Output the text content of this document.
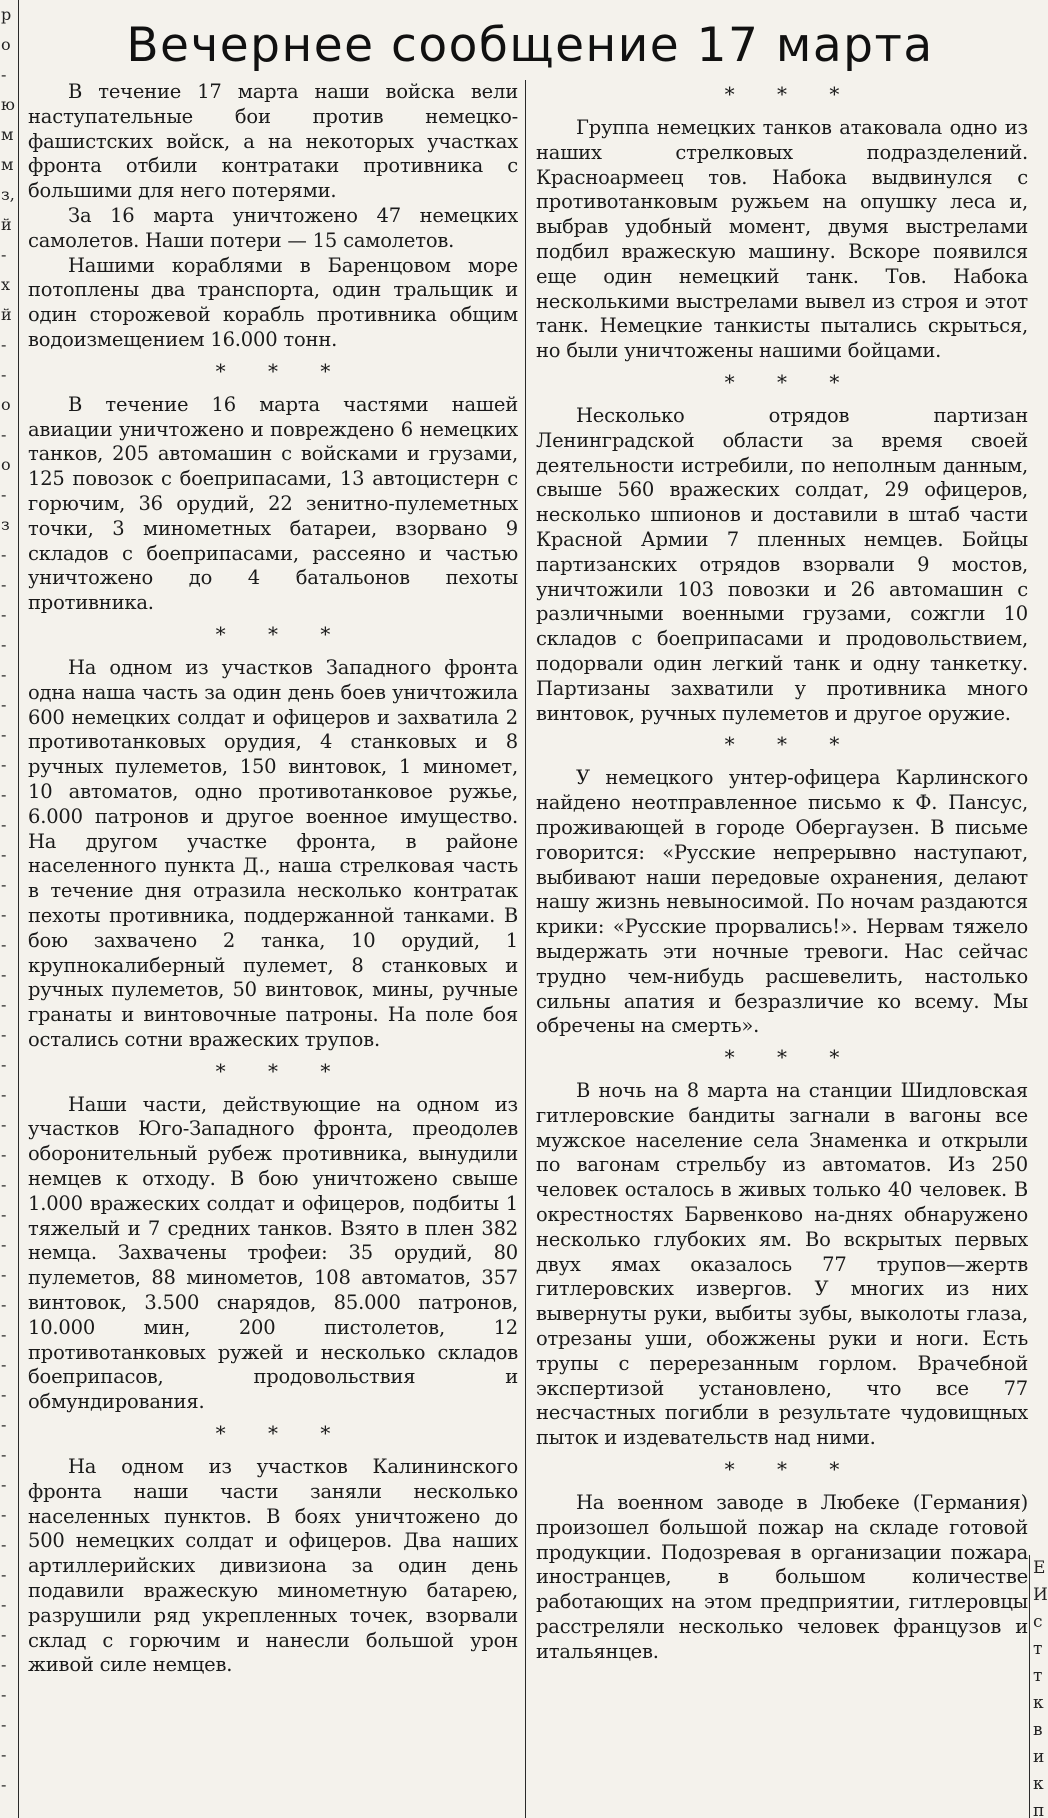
р
о
-
ю
м
м
з,
й
-
х
й
-
-
о
-
о
-
з
-
-
-
-
-
-
-
-
-
-
-
-
-
-
-
-
-
-
-
-
-
-
-
-
-
-
-
-
-
-
-
-
-
-
-
-
-
-
-
-
-
-
Вечернее сообщение 17 марта
В течение 17 марта наши войска вели наступательные бои против немецко-фашистских войск, а на некоторых участках фронта отбили контратаки противника с большими для него потерями.
За 16 марта уничтожено 47 немецких самолетов. Наши потери — 15 самолетов.
Нашими кораблями в Баренцовом море потоплены два транспорта, один тральщик и один сторожевой корабль противника общим водоизмещением 16.000 тонн.
* * *
В течение 16 марта частями нашей авиации уничтожено и повреждено 6 немецких танков, 205 автомашин с войсками и грузами, 125 повозок с боеприпасами, 13 автоцистерн с горючим, 36 орудий, 22 зенитно-пулеметных точки, 3 минометных батареи, взорвано 9 складов с боеприпасами, рассеяно и частью уничтожено до 4 батальонов пехоты противника.
* * *
На одном из участков Западного фронта одна наша часть за один день боев уничтожила 600 немецких солдат и офицеров и захватила 2 противотанковых орудия, 4 станковых и 8 ручных пулеметов, 150 винтовок, 1 миномет, 10 автоматов, одно противотанковое ружье, 6.000 патронов и другое военное имущество. На другом участке фронта, в районе населенного пункта Д., наша стрелковая часть в течение дня отразила несколько контратак пехоты противника, поддержанной танками. В бою захвачено 2 танка, 10 орудий, 1 крупнокалиберный пулемет, 8 станковых и ручных пулеметов, 50 винтовок, мины, ручные гранаты и винтовочные патроны. На поле боя остались сотни вражеских трупов.
* * *
Наши части, действующие на одном из участков Юго-Западного фронта, преодолев оборонительный рубеж противника, вынудили немцев к отходу. В бою уничтожено свыше 1.000 вражеских солдат и офицеров, подбиты 1 тяжелый и 7 средних танков. Взято в плен 382 немца. Захвачены трофеи: 35 орудий, 80 пулеметов, 88 минометов, 108 автоматов, 357 винтовок, 3.500 снарядов, 85.000 патронов, 10.000 мин, 200 пистолетов, 12 противотанковых ружей и несколько складов боеприпасов, продовольствия и обмундирования.
* * *
На одном из участков Калининского фронта наши части заняли несколько населенных пунктов. В боях уничтожено до 500 немецких солдат и офицеров. Два наших артиллерийских дивизиона за один день подавили вражескую минометную батарею, разрушили ряд укрепленных точек, взорвали склад с горючим и нанесли большой урон живой силе немцев.
* * *
Группа немецких танков атаковала одно из наших стрелковых подразделений. Красноармеец тов. Набока выдвинулся с противотанковым ружьем на опушку леса и, выбрав удобный момент, двумя выстрелами подбил вражескую машину. Вскоре появился еще один немецкий танк. Тов. Набока несколькими выстрелами вывел из строя и этот танк. Немецкие танкисты пытались скрыться, но были уничтожены нашими бойцами.
* * *
Несколько отрядов партизан Ленинградской области за время своей деятельности истребили, по неполным данным, свыше 560 вражеских солдат, 29 офицеров, несколько шпионов и доставили в штаб части Красной Армии 7 пленных немцев. Бойцы партизанских отрядов взорвали 9 мостов, уничтожили 103 повозки и 26 автомашин с различными военными грузами, сожгли 10 складов с боеприпасами и продовольствием, подорвали один легкий танк и одну танкетку. Партизаны захватили у противника много винтовок, ручных пулеметов и другое оружие.
* * *
У немецкого унтер-офицера Карлинского найдено неотправленное письмо к Ф. Пансус, проживающей в городе Обергаузен. В письме говорится: «Русские непрерывно наступают, выбивают наши передовые охранения, делают нашу жизнь невыносимой. По ночам раздаются крики: «Русские прорвались!». Нервам тяжело выдержать эти ночные тревоги. Нас сейчас трудно чем-нибудь расшевелить, настолько сильны апатия и безразличие ко всему. Мы обречены на смерть».
* * *
В ночь на 8 марта на станции Шидловская гитлеровские бандиты загнали в вагоны все мужское население села Знаменка и открыли по вагонам стрельбу из автоматов. Из 250 человек осталось в живых только 40 человек. В окрестностях Барвенково на-днях обнаружено несколько глубоких ям. Во вскрытых первых двух ямах оказалось 77 трупов—жертв гитлеровских извергов. У многих из них вывернуты руки, выбиты зубы, выколоты глаза, отрезаны уши, обожжены руки и ноги. Есть трупы с перерезанным горлом. Врачебной экспертизой установлено, что все 77 несчастных погибли в результате чудовищных пыток и издевательств над ними.
* * *
На военном заводе в Любеке (Германия) произошел большой пожар на складе готовой продукции. Подозревая в организации пожара иностранцев, в большом количестве работающих на этом предприятии, гитлеровцы расстреляли несколько человек французов и итальянцев.
Е
И
с
т
т
к
в
и
к
п
